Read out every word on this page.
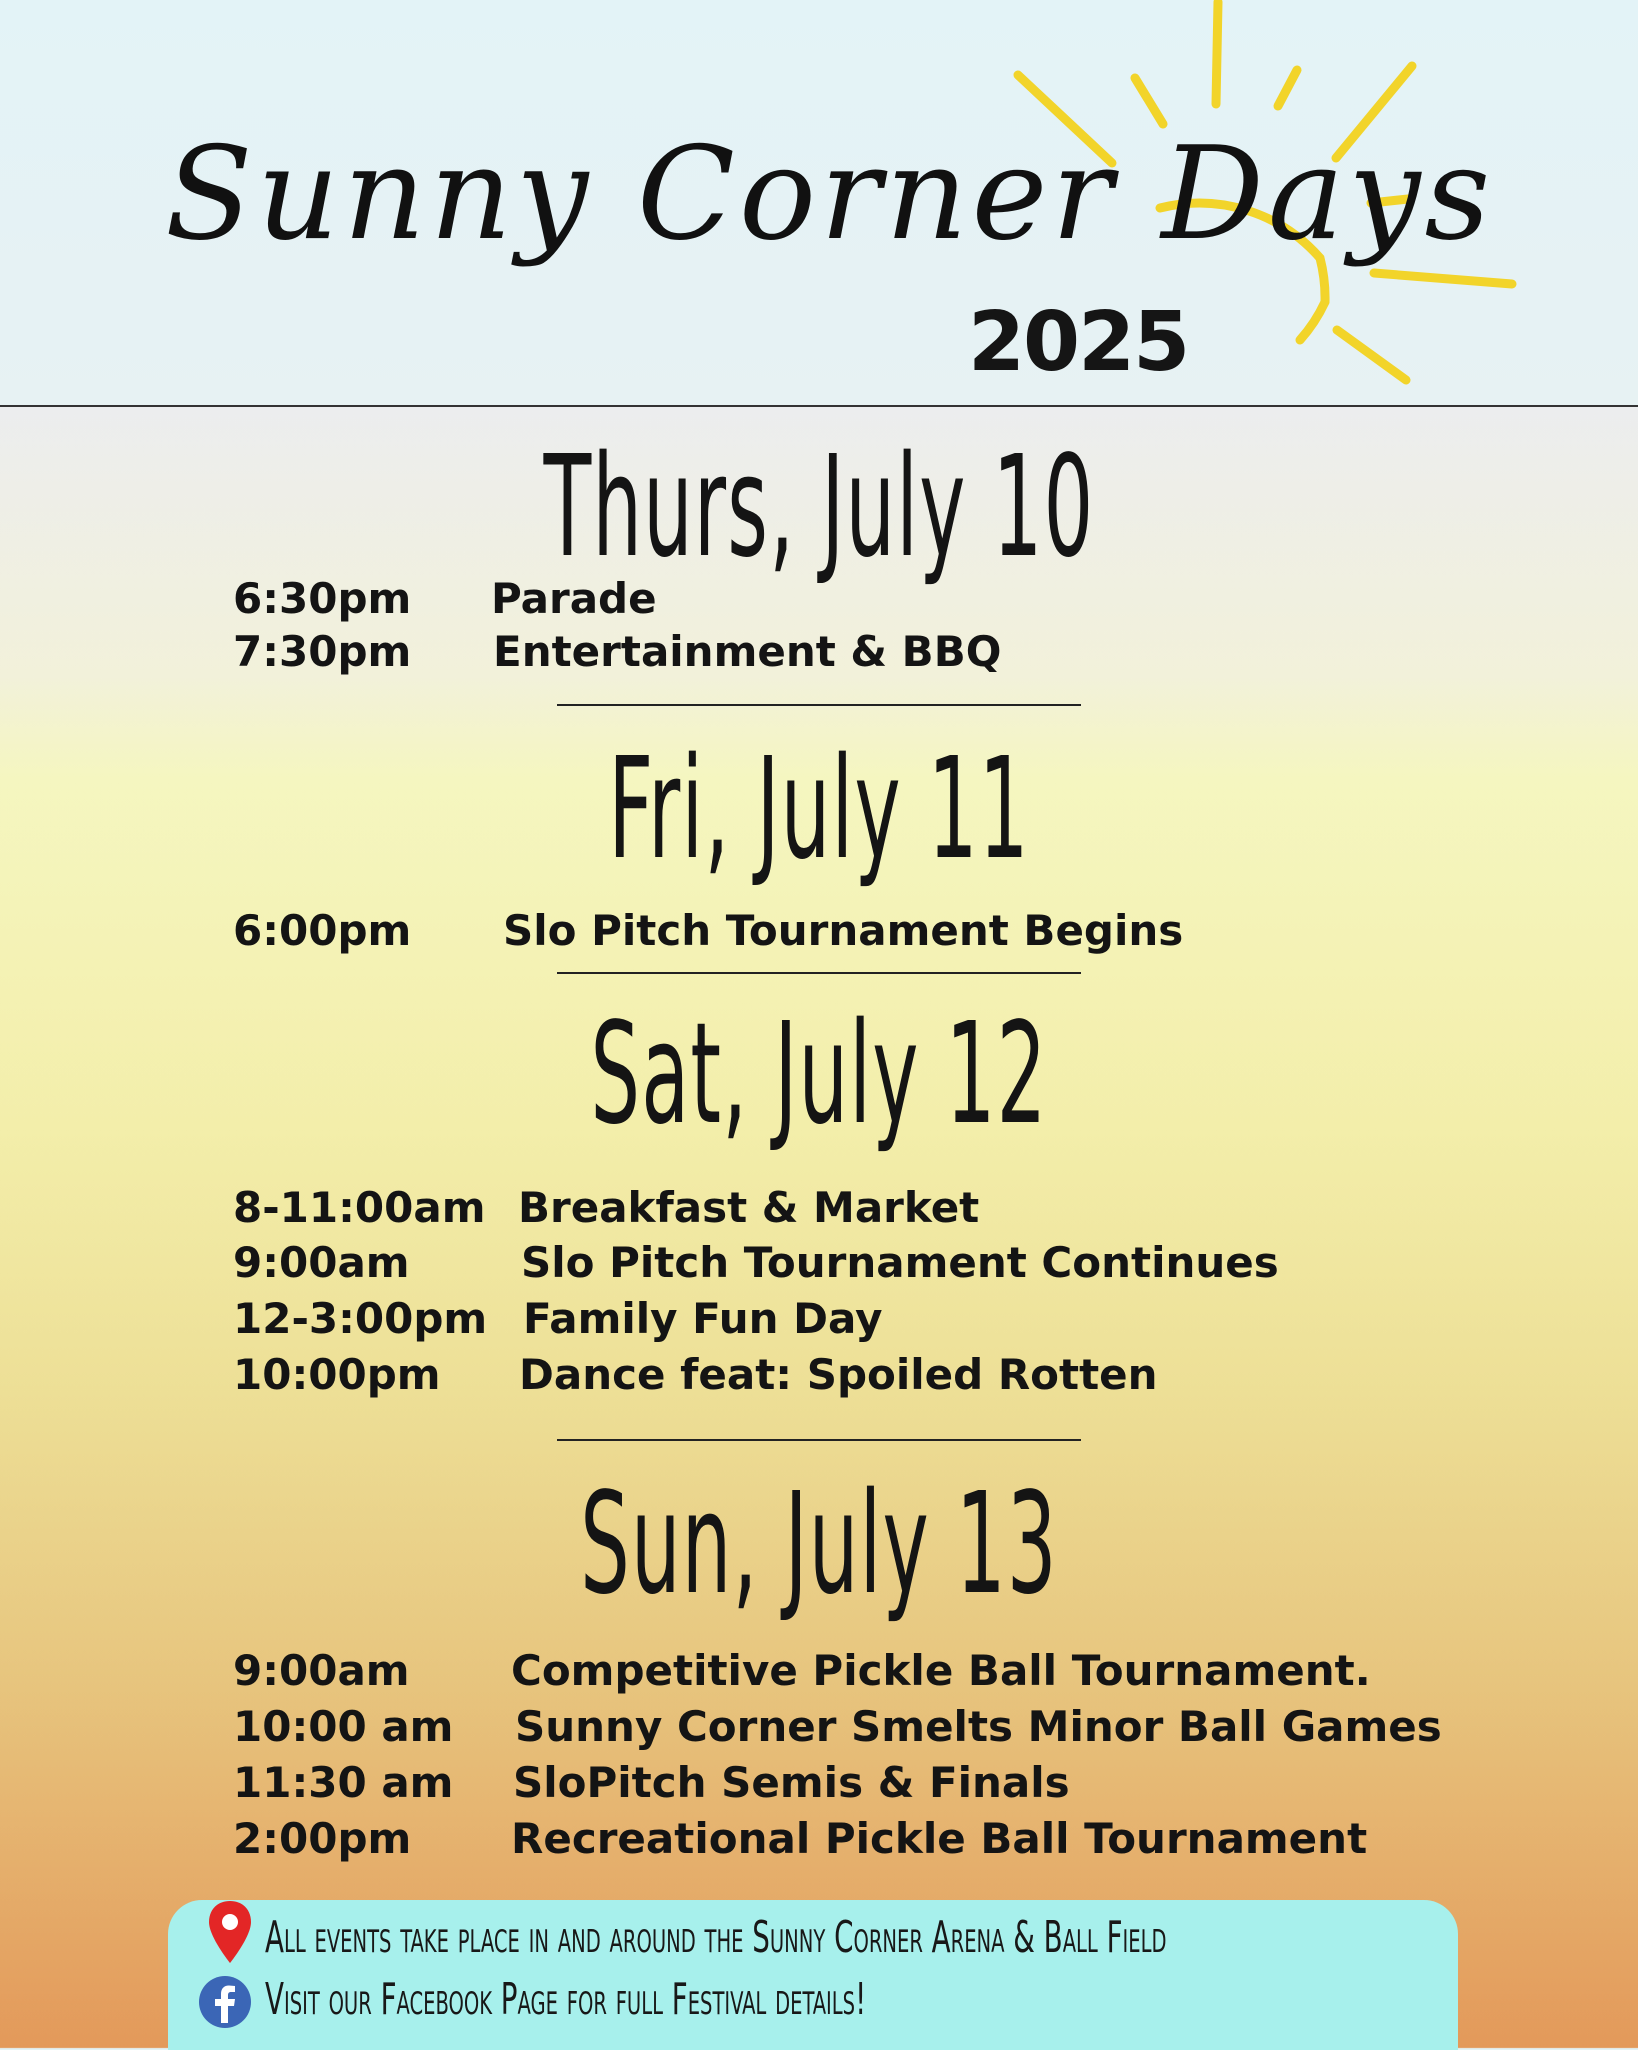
Sunny Corner Days
2025
Thurs, July 10
6:30pm Parade
7:30pm Entertainment & BBQ
Fri, July 11
6:00pm Slo Pitch Tournament Begins
Sat, July 12
8-11:00am Breakfast & Market
9:00am	Slo Pitch Tournament Continues
12-3:00pm Family Fun Day
10:00pm Dance feat: Spoiled Rotten
Sun, July 13
9:00am Competitive Pickle Ball Tournament.
10:00 am Sunny Corner Smelts Minor Ball Games
11:30 am SloPitch Semis & Finals
2:00pm Recreational Pickle Ball Tournament
All events take place in and around the Sunny Corner Arena & Ball Field
Visit our Facebook Page for full Festival details!
